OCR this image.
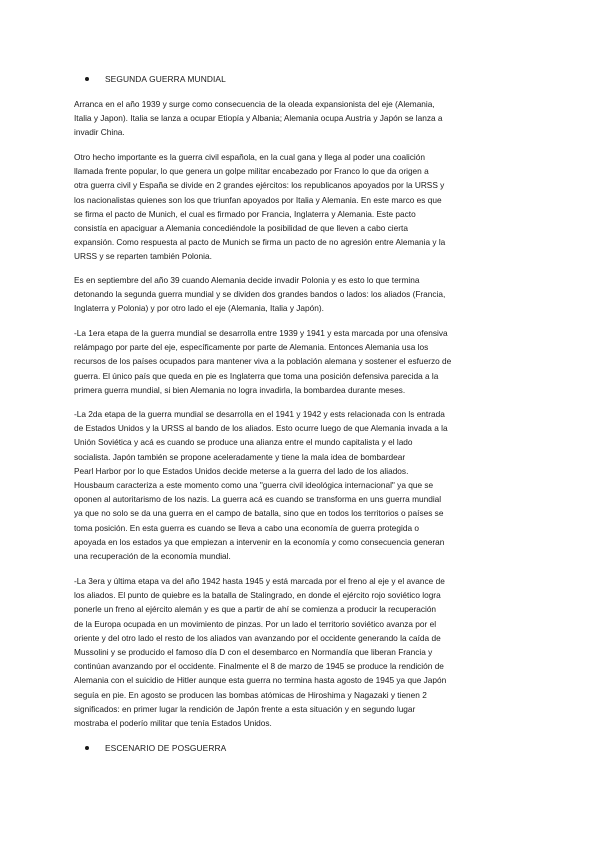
SEGUNDA GUERRA MUNDIAL
Arranca en el año 1939 y surge como consecuencia de la oleada expansionista del eje (Alemania,
Italia y Japon). Italia se lanza a ocupar Etiopía y Albania; Alemania ocupa Austria y Japón se lanza a
invadir China.
Otro hecho importante es la guerra civil española, en la cual gana y llega al poder una coalición
llamada frente popular, lo que genera un golpe militar encabezado por Franco lo que da origen a
otra guerra civil y España se divide en 2 grandes ejércitos: los republicanos apoyados por la URSS y
los nacionalistas quienes son los que triunfan apoyados por Italia y Alemania. En este marco es que
se firma el pacto de Munich, el cual es firmado por Francia, Inglaterra y Alemania. Este pacto
consistía en apaciguar a Alemania concediéndole la posibilidad de que lleven a cabo cierta
expansión. Como respuesta al pacto de Munich se firma un pacto de no agresión entre Alemania y la
URSS y se reparten también Polonia.
Es en septiembre del año 39 cuando Alemania decide invadir Polonia y es esto lo que termina
detonando la segunda guerra mundial y se dividen dos grandes bandos o lados: los aliados (Francia,
Inglaterra y Polonia) y por otro lado el eje (Alemania, Italia y Japón).
-La 1era etapa de la guerra mundial se desarrolla entre 1939 y 1941 y esta marcada por una ofensiva
relámpago por parte del eje, específicamente por parte de Alemania. Entonces Alemania usa los
recursos de los países ocupados para mantener viva a la población alemana y sostener el esfuerzo de
guerra. El único país que queda en pie es Inglaterra que toma una posición defensiva parecida a la
primera guerra mundial, si bien Alemania no logra invadirla, la bombardea durante meses.
-La 2da etapa de la guerra mundial se desarrolla en el 1941 y 1942 y ests relacionada con ls entrada
de Estados Unidos y la URSS al bando de los aliados. Esto ocurre luego de que Alemania invada a la
Unión Soviética y acá es cuando se produce una alianza entre el mundo capitalista y el lado
socialista. Japón también se propone aceleradamente y tiene la mala idea de bombardear
Pearl Harbor por lo que Estados Unidos decide meterse a la guerra del lado de los aliados.
Housbaum caracteriza a este momento como una "guerra civil ideológica internacional" ya que se
oponen al autoritarismo de los nazis. La guerra acá es cuando se transforma en uns guerra mundial
ya que no solo se da una guerra en el campo de batalla, sino que en todos los territorios o países se
toma posición. En esta guerra es cuando se lleva a cabo una economía de guerra protegida o
apoyada en los estados ya que empiezan a intervenir en la economía y como consecuencia generan
una recuperación de la economía mundial.
-La 3era y última etapa va del año 1942 hasta 1945 y está marcada por el freno al eje y el avance de
los aliados. El punto de quiebre es la batalla de Stalingrado, en donde el ejército rojo soviético logra
ponerle un freno al ejército alemán y es que a partir de ahí se comienza a producir la recuperación
de la Europa ocupada en un movimiento de pinzas. Por un lado el territorio soviético avanza por el
oriente y del otro lado el resto de los aliados van avanzando por el occidente generando la caída de
Mussolini y se producido el famoso día D con el desembarco en Normandía que liberan Francia y
continúan avanzando por el occidente. Finalmente el 8 de marzo de 1945 se produce la rendición de
Alemania con el suicidio de Hitler aunque esta guerra no termina hasta agosto de 1945 ya que Japón
seguía en pie. En agosto se producen las bombas atómicas de Hiroshima y Nagazaki y tienen 2
significados: en primer lugar la rendición de Japón frente a esta situación y en segundo lugar
mostraba el poderío militar que tenía Estados Unidos.
ESCENARIO DE POSGUERRA
